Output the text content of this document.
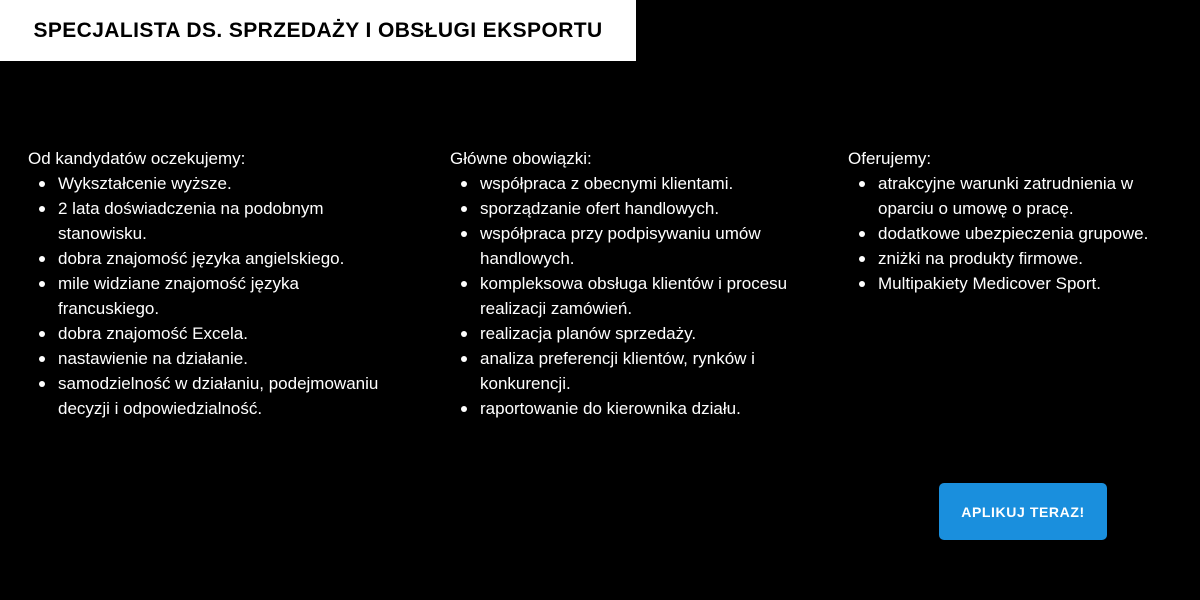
SPECJALISTA DS. SPRZEDAŻY I OBSŁUGI EKSPORTU
Od kandydatów oczekujemy:
Wykształcenie wyższe.
2 lata doświadczenia na podobnym stanowisku.
dobra znajomość języka angielskiego.
mile widziane znajomość języka francuskiego.
dobra znajomość Excela.
nastawienie na działanie.
samodzielność w działaniu, podejmowaniu decyzji i odpowiedzialność.
Główne obowiązki:
współpraca z obecnymi klientami.
sporządzanie ofert handlowych.
współpraca przy podpisywaniu umów handlowych.
kompleksowa obsługa klientów i procesu realizacji zamówień.
realizacja planów sprzedaży.
analiza preferencji klientów, rynków i konkurencji.
raportowanie do kierownika działu.
Oferujemy:
atrakcyjne warunki zatrudnienia w oparciu o umowę o pracę.
dodatkowe ubezpieczenia grupowe.
zniżki na produkty firmowe.
Multipakiety Medicover Sport.
APLIKUJ TERAZ!
